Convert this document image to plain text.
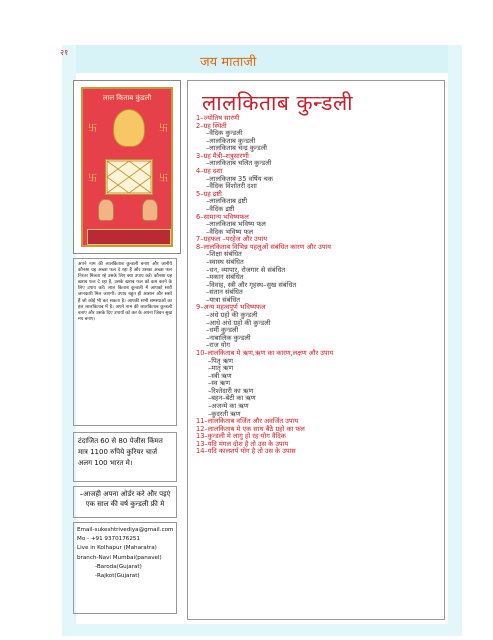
२१
जय माताजी
लाल किताब कुंडली
卐	卐
卐	卐
अपने नाम की लालकिताब कुन्डली बनाए और जानीये कौनसा ग्रह अच्छा फल दे रहा है और उसका अच्छा फल निरंतर मिलता रहे उसके लिए क्या उपाय करें। कौनसा ग्रह खराब फल दे रहा है, उसके खराब फल को कम करने के लिए उपाय करें। लाल किताब कुन्डली में आपको सारी जानकारी मिल जाएगी। उपाय बहुत ही आसान और सस्ते हैं जो कोई भी कर सकता है। आपकी सभी समस्याओं का हल लालकिताब में है। अपने नाम की लालकिताब कुन्डली बनाए और उसके दिए उपायों को कर के अपना जिवन सुख मय बनाए।
टंदाजित 60 से 80 पेजीस किंमत मात्र 1100 रुपिये कुरियर चार्ज अलग 100 भारत मे।
–आजही अपना ओर्डर करे और पइएं एक साल की वर्ष कुन्डली फ्री मे
Email-sukeshtrivediya@gmail.com
Mo - +91 9370176251
Live in Kolhapur (Maharatra)
branch-Navi Mumbai(panavel)
-Baroda(Gujarat)
-Rajkot(Gujarat)
लालकिताब कुन्डली
1–ज्योतिष सारणी
2–ग्रह स्थिती
–वैदिक कुन्डली
–लालकिताब कुन्डली
–लालकिताब चन्द्र कुन्डली
3–ग्रह मैत्री–शत्रुसारणी
–लालकिताब चलित कुन्डली
4–ग्रह दशा
–लालकिताब 35 वर्षिय चक
–वैदिक विंशोतरी दशा
5–ग्रह द्रष्टी
–लालकिताब द्रष्टी
–वैदिक द्रष्टी
6–सामान्य भविष्यफल
–लालकिताब भविष्य फल
–वैदिक भविष्य फल
7–ग्रहफल –परहेज और उपाय
8–लालकिताब विभिन्न पहलुओं संबंधित कारण और उपाय
–शिक्षा संबंधित
–स्वास्थ संबंधित
–धन, व्यापार, रोजगार से संबंधित
–मकान संबंधित
–विवाह, स्त्री और गृहस्थ–सुख संबंधित
–संतान संबंधित
–यात्रा संबंधित
9–अन्य महत्वपूर्ण भविष्यफल
–अंधे ग्रहो की कुन्डली
–आधे अंधे ग्रहो की कुन्डली
–धर्मी कुन्डली
–नाबालिक कुन्डली
–राज योग
10–लालकिताब मे ऋण,ऋण का कारण,लक्षण और उपाय
–पितृ ऋण
–मातृ ऋण
–स्त्री ऋण
–स्व ऋण
–रिश्तेदारी का ऋण
–बहन–बेटी का ऋण
–अजन्मे का ऋण
–कुदरती ऋण
11–लालकिताब वर्जित और अवर्जित उपाय
12–लालकिताब मे एक साथ बैठे ग्रहो का फल
13–कुन्डली मे लागु हो रह योग वैदिक
13–यदि मंगल दोश है तो उस के उपाय
14–यदि कालशर्प योग है तो उस के उपास
